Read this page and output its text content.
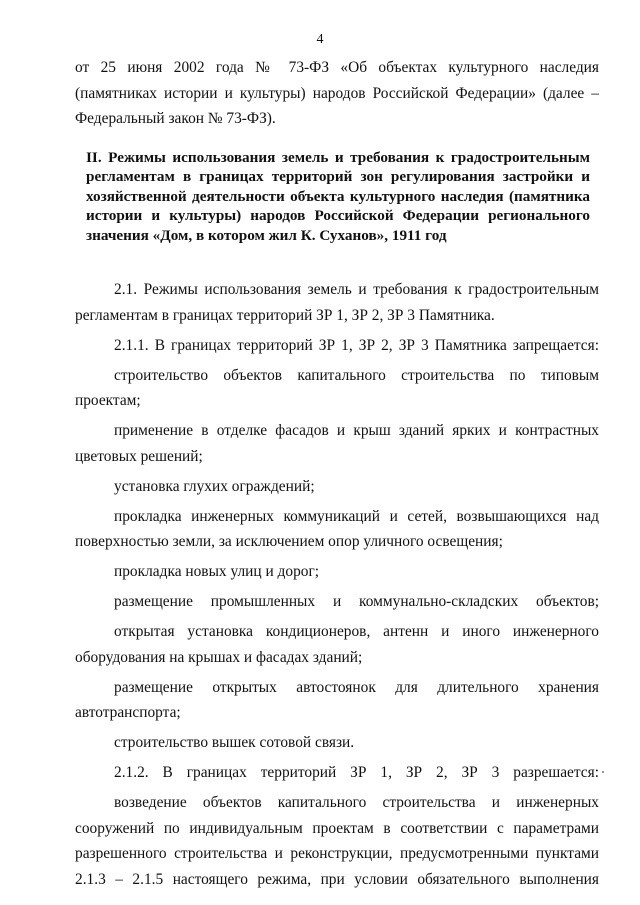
4
от 25 июня 2002 года № 73-ФЗ «Об объектах культурного наследия (памятниках истории и культуры) народов Российской Федерации» (далее – Федеральный закон № 73-ФЗ).
II. Режимы использования земель и требования к градостроительным регламентам в границах территорий зон регулирования застройки и хозяйственной деятельности объекта культурного наследия (памятника истории и культуры) народов Российской Федерации регионального значения «Дом, в котором жил К. Суханов», 1911 год

2.1. Режимы использования земель и требования к градостроительным регламентам в границах территорий ЗР 1, ЗР 2, ЗР 3 Памятника.

2.1.1. В границах территорий ЗР 1, ЗР 2, ЗР 3 Памятника запрещается:

строительство объектов капитального строительства по типовым проектам;

применение в отделке фасадов и крыш зданий ярких и контрастных цветовых решений;

установка глухих ограждений;

прокладка инженерных коммуникаций и сетей, возвышающихся над поверхностью земли, за исключением опор уличного освещения;

прокладка новых улиц и дорог;

размещение промышленных и коммунально-складских объектов;

открытая установка кондиционеров, антенн и иного инженерного оборудования на крышах и фасадах зданий;

размещение открытых автостоянок для длительного хранения автотранспорта;

строительство вышек сотовой связи.

2.1.2. В границах территорий ЗР 1, ЗР 2, ЗР 3 разрешается:

возведение объектов капитального строительства и инженерных сооружений по индивидуальным проектам в соответствии с параметрами разрешенного строительства и реконструкции, предусмотренными пунктами 2.1.3 – 2.1.5 настоящего режима, при условии обязательного выполнения
